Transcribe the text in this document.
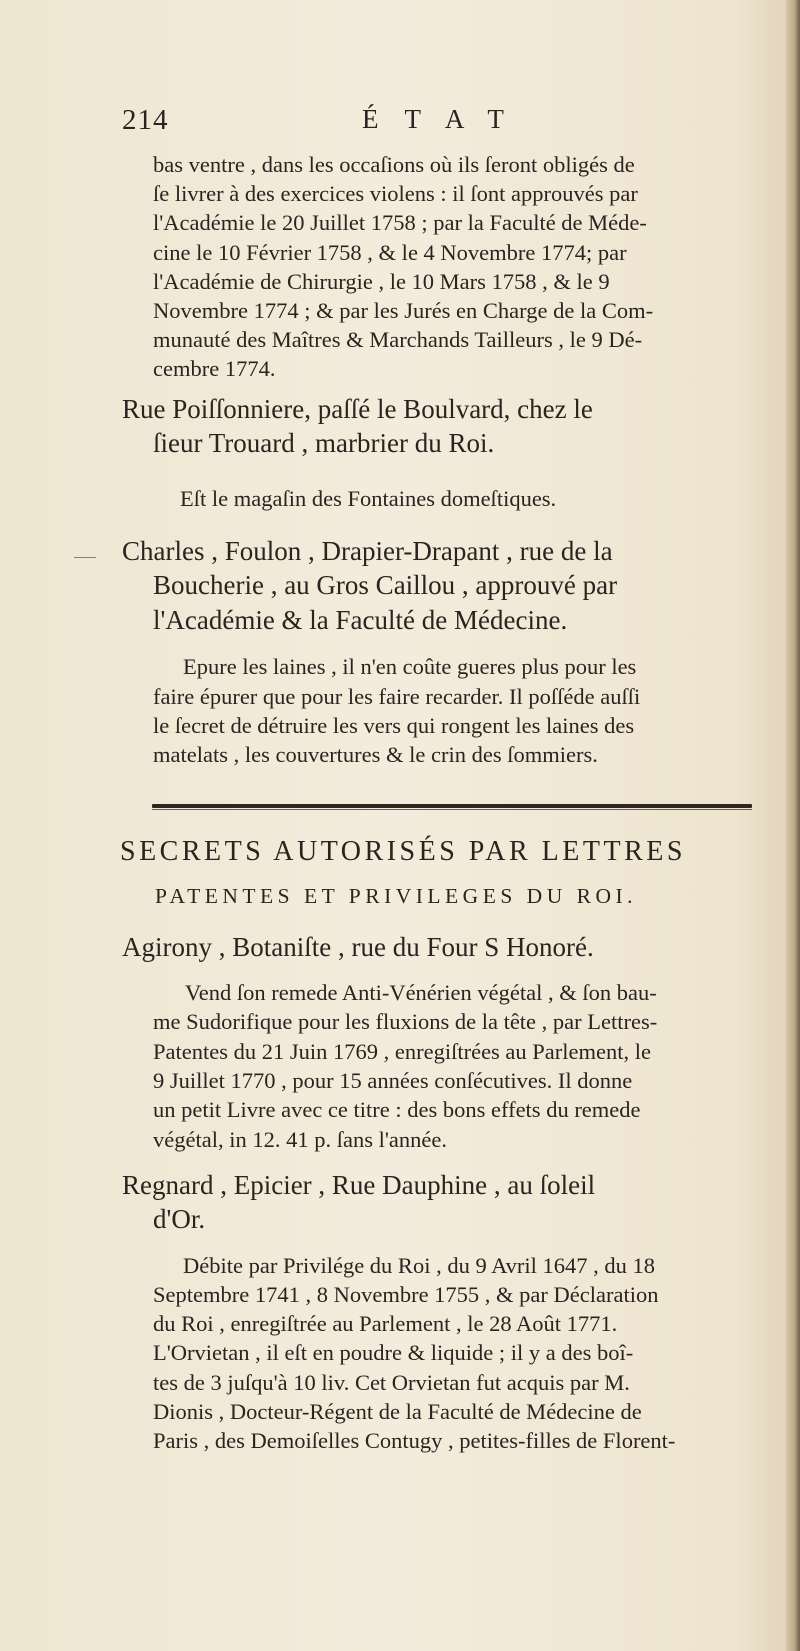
214	ÉTAT
bas ventre , dans les occaſions où ils ſeront obligés de
ſe livrer à des exercices violens : il ſont approuvés par
l'Académie le 20 Juillet 1758 ; par la Faculté de Méde-
cine le 10 Février 1758 , & le 4 Novembre 1774; par
l'Académie de Chirurgie , le 10 Mars 1758 , & le 9
Novembre 1774 ; & par les Jurés en Charge de la Com-
munauté des Maîtres & Marchands Tailleurs , le 9 Dé-
cembre 1774.
Rue Poiſſonniere, paſſé le Boulvard, chez le
ſieur Trouard , marbrier du Roi.
Eſt le magaſin des Fontaines domeſtiques.
Charles , Foulon , Drapier-Drapant , rue de la
Boucherie , au Gros Caillou , approuvé par
l'Académie & la Faculté de Médecine.
Epure les laines , il n'en coûte gueres plus pour les
faire épurer que pour les faire recarder. Il poſſéde auſſi
le ſecret de détruire les vers qui rongent les laines des
matelats , les couvertures & le crin des ſommiers.
SECRETS AUTORISÉS PAR LETTRES
PATENTES ET PRIVILEGES DU ROI.
Agirony , Botaniſte , rue du Four S Honoré.
Vend ſon remede Anti-Vénérien végétal , & ſon bau-
me Sudorifique pour les fluxions de la tête , par Lettres-
Patentes du 21 Juin 1769 , enregiſtrées au Parlement, le
9 Juillet 1770 , pour 15 années conſécutives. Il donne
un petit Livre avec ce titre : des bons effets du remede
végétal, in 12. 41 p. ſans l'année.
Regnard , Epicier , Rue Dauphine , au ſoleil
d'Or.
Débite par Privilége du Roi , du 9 Avril 1647 , du 18
Septembre 1741 , 8 Novembre 1755 , & par Déclaration
du Roi , enregiſtrée au Parlement , le 28 Août 1771.
L'Orvietan , il eſt en poudre & liquide ; il y a des boî-
tes de 3 juſqu'à 10 liv. Cet Orvietan fut acquis par M.
Dionis , Docteur-Régent de la Faculté de Médecine de
Paris , des Demoiſelles Contugy , petites-filles de Florent-
